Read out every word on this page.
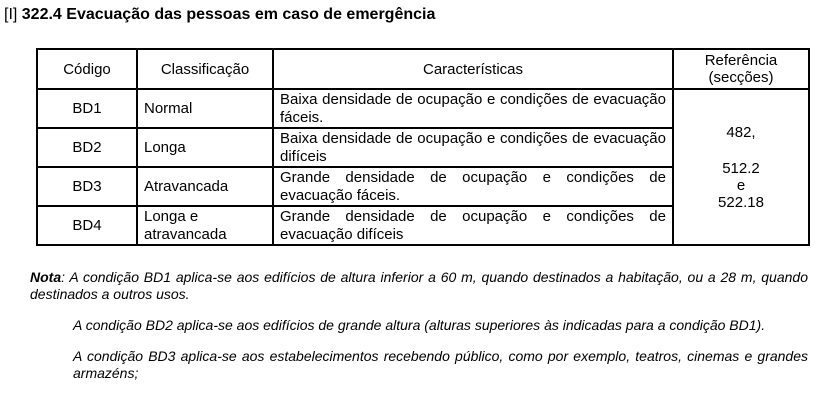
[I] 322.4 Evacuação das pessoas em caso de emergência
Código	Classificação	Características	Referência
(secções)

BD1	Normal	Baixa densidade de ocupação e condições de evacuação fáceis.	482,
512.2
e
522.18

BD2	Longa	Baixa densidade de ocupação e condições de evacuação difíceis	
BD3	Atravancada	Grande densidade de ocupação e condições de evacuação fáceis.	
BD4	Longa e atravancada	Grande densidade de ocupação e condições de evacuação difíceis	

Nota: A condição BD1 aplica-se aos edifícios de altura inferior a 60 m, quando destinados a habitação, ou a 28 m, quando destinados a outros usos.

A condição BD2 aplica-se aos edifícios de grande altura (alturas superiores às indicadas para a condição BD1).

A condição BD3 aplica-se aos estabelecimentos recebendo público, como por exemplo, teatros, cinemas e grandes armazéns;
